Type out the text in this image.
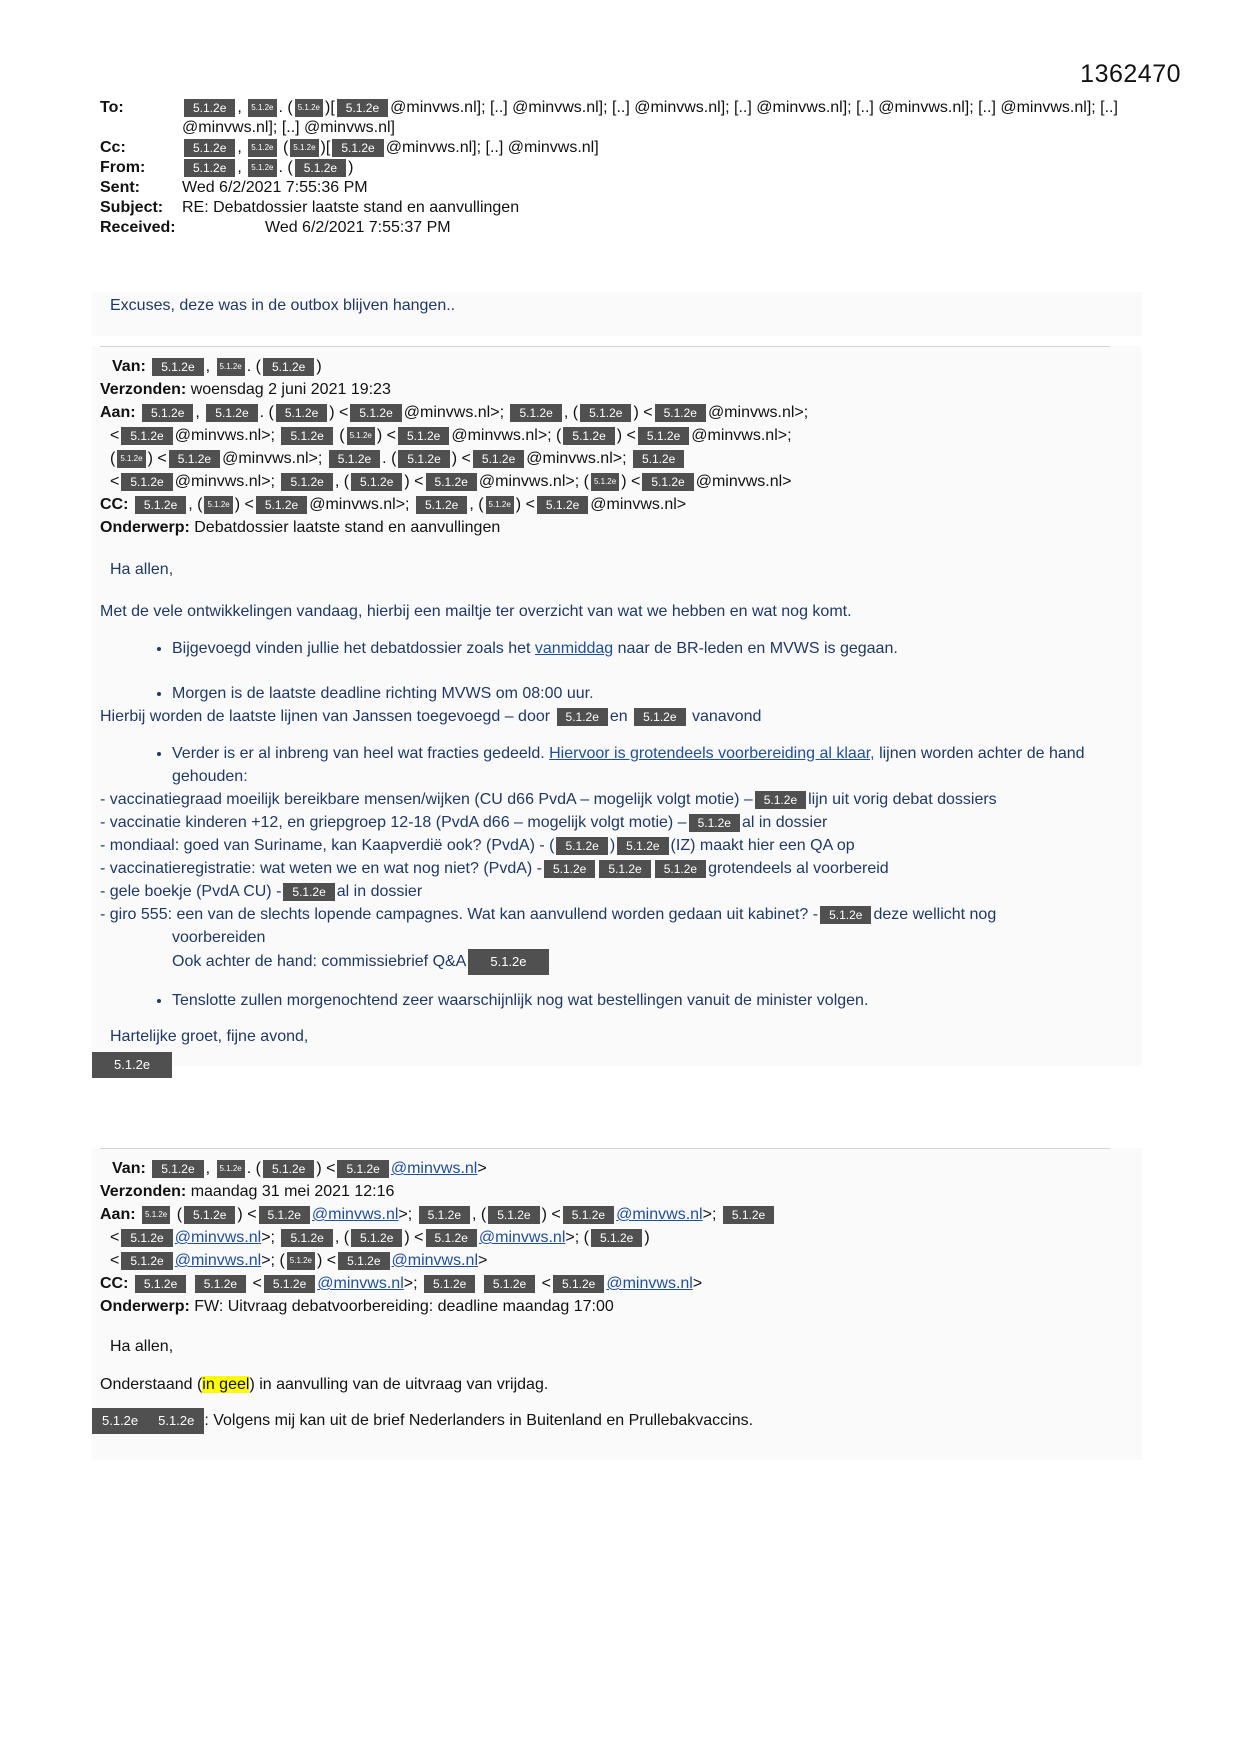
1362470
To:	5.1.2e , 5.1.2e . ( 5.1.2e )[ 5.1.2e @minvws.nl]; [..] @minvws.nl]; [..] @minvws.nl]; [..] @minvws.nl]; [..] @minvws.nl]; [..] @minvws.nl]; [..] @minvws.nl]; [..] @minvws.nl]
Cc:	5.1.2e , 5.1.2e ( 5.1.2e )[ 5.1.2e @minvws.nl]; [..] @minvws.nl]
From:	5.1.2e , 5.1.2e . ( 5.1.2e )
Sent:	Wed 6/2/2021 7:55:36 PM
Subject:	RE: Debatdossier laatste stand en aanvullingen
Received:	Wed 6/2/2021 7:55:37 PM
Excuses, deze was in de outbox blijven hangen..
Van: 5.1.2e , 5.1.2e . ( 5.1.2e )
Verzonden: woensdag 2 juni 2021 19:23
Aan: 5.1.2e , 5.1.2e . ( 5.1.2e ) < 5.1.2e @minvws.nl>; 5.1.2e , ( 5.1.2e ) < 5.1.2e @minvws.nl>;
< 5.1.2e @minvws.nl>; 5.1.2e ( 5.1.2e ) < 5.1.2e @minvws.nl>; ( 5.1.2e ) < 5.1.2e @minvws.nl>;
( 5.1.2e ) < 5.1.2e @minvws.nl>; 5.1.2e . ( 5.1.2e ) < 5.1.2e @minvws.nl>; 5.1.2e
< 5.1.2e @minvws.nl>; 5.1.2e , ( 5.1.2e ) < 5.1.2e @minvws.nl>; ( 5.1.2e ) < 5.1.2e @minvws.nl>
CC: 5.1.2e , ( 5.1.2e ) < 5.1.2e @minvws.nl>; 5.1.2e , ( 5.1.2e ) < 5.1.2e @minvws.nl>
Onderwerp: Debatdossier laatste stand en aanvullingen
Ha allen,
Met de vele ontwikkelingen vandaag, hierbij een mailtje ter overzicht van wat we hebben en wat nog komt.
• Bijgevoegd vinden jullie het debatdossier zoals het vanmiddag naar de BR-leden en MVWS is gegaan.
• Morgen is de laatste deadline richting MVWS om 08:00 uur.
Hierbij worden de laatste lijnen van Janssen toegevoegd – door 5.1.2e en 5.1.2e vanavond
• Verder is er al inbreng van heel wat fracties gedeeld. Hiervoor is grotendeels voorbereiding al klaar, lijnen worden achter de hand gehouden:
- vaccinatiegraad moeilijk bereikbare mensen/wijken (CU d66 PvdA – mogelijk volgt motie) – 5.1.2e lijn uit vorig debat dossiers
- vaccinatie kinderen +12, en griepgroep 12-18 (PvdA d66 – mogelijk volgt motie) – 5.1.2e al in dossier
- mondiaal: goed van Suriname, kan Kaapverdië ook? (PvdA) - ( 5.1.2e ) 5.1.2e (IZ) maakt hier een QA op
- vaccinatieregistratie: wat weten we en wat nog niet? (PvdA) - 5.1.2e 5.1.2e 5.1.2e grotendeels al voorbereid
- gele boekje (PvdA CU) - 5.1.2e al in dossier
- giro 555: een van de slechts lopende campagnes. Wat kan aanvullend worden gedaan uit kabinet? - 5.1.2e deze wellicht nog
voorbereiden
Ook achter de hand: commissiebrief Q&A 5.1.2e
• Tenslotte zullen morgenochtend zeer waarschijnlijk nog wat bestellingen vanuit de minister volgen.
Hartelijke groet, fijne avond,
5.1.2e
Van: 5.1.2e , 5.1.2e . ( 5.1.2e ) < 5.1.2e @minvws.nl>
Verzonden: maandag 31 mei 2021 12:16
Aan: 5.1.2e ( 5.1.2e ) < 5.1.2e @minvws.nl>; 5.1.2e , ( 5.1.2e ) < 5.1.2e @minvws.nl>; 5.1.2e
< 5.1.2e @minvws.nl>; 5.1.2e , ( 5.1.2e ) < 5.1.2e @minvws.nl>; ( 5.1.2e )
< 5.1.2e @minvws.nl>; ( 5.1.2e ) < 5.1.2e @minvws.nl>
CC: 5.1.2e 5.1.2e < 5.1.2e @minvws.nl>; 5.1.2e 5.1.2e < 5.1.2e @minvws.nl>
Onderwerp: FW: Uitvraag debatvoorbereiding: deadline maandag 17:00
Ha allen,
Onderstaand (in geel) in aanvulling van de uitvraag van vrijdag.
5.1.2e 5.1.2e : Volgens mij kan uit de brief Nederlanders in Buitenland en Prullebakvaccins.
